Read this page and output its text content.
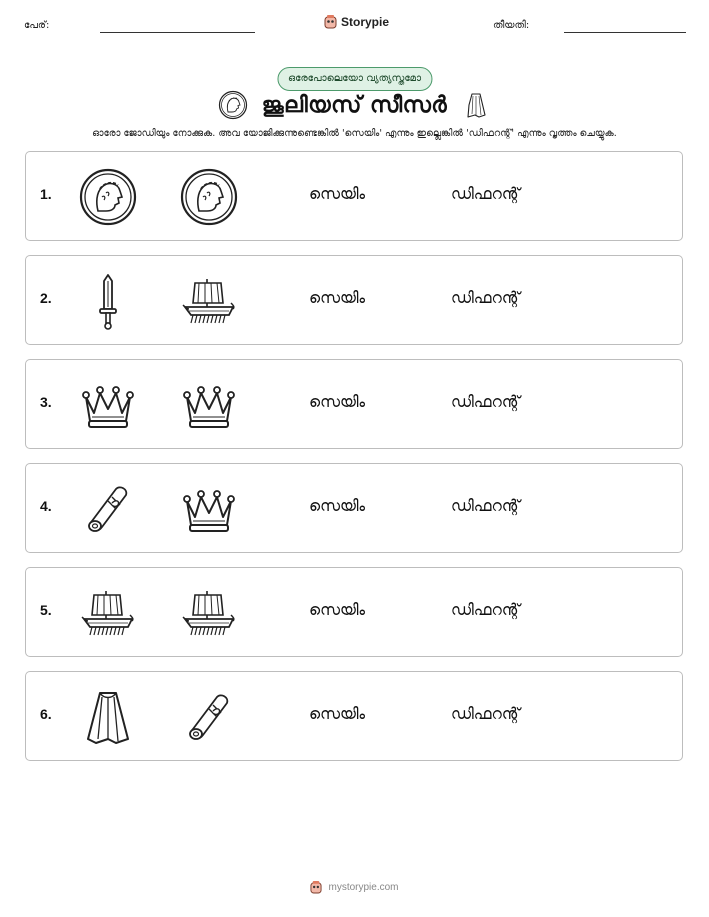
പേര്:	Storypie	തീയതി:
ഒരേപോലെയോ വ്യത്യസ്തമോ
ജൂലിയസ് സീസർ
ഓരോ ജോഡിയും നോക്കുക. അവ യോജിക്കുന്നുണ്ടെങ്കിൽ 'സെയിം' എന്നും ഇല്ലെങ്കിൽ 'ഡിഫറന്റ്' എന്നും വൃത്തം ചെയ്യുക.
1.	സെയിം	ഡിഫറന്റ്
2.	സെയിം	ഡിഫറന്റ്
3.	സെയിം	ഡിഫറന്റ്
4.	സെയിം	ഡിഫറന്റ്
5.	സെയിം	ഡിഫറന്റ്
6.	സെയിം	ഡിഫറന്റ്
mystorypie.com
